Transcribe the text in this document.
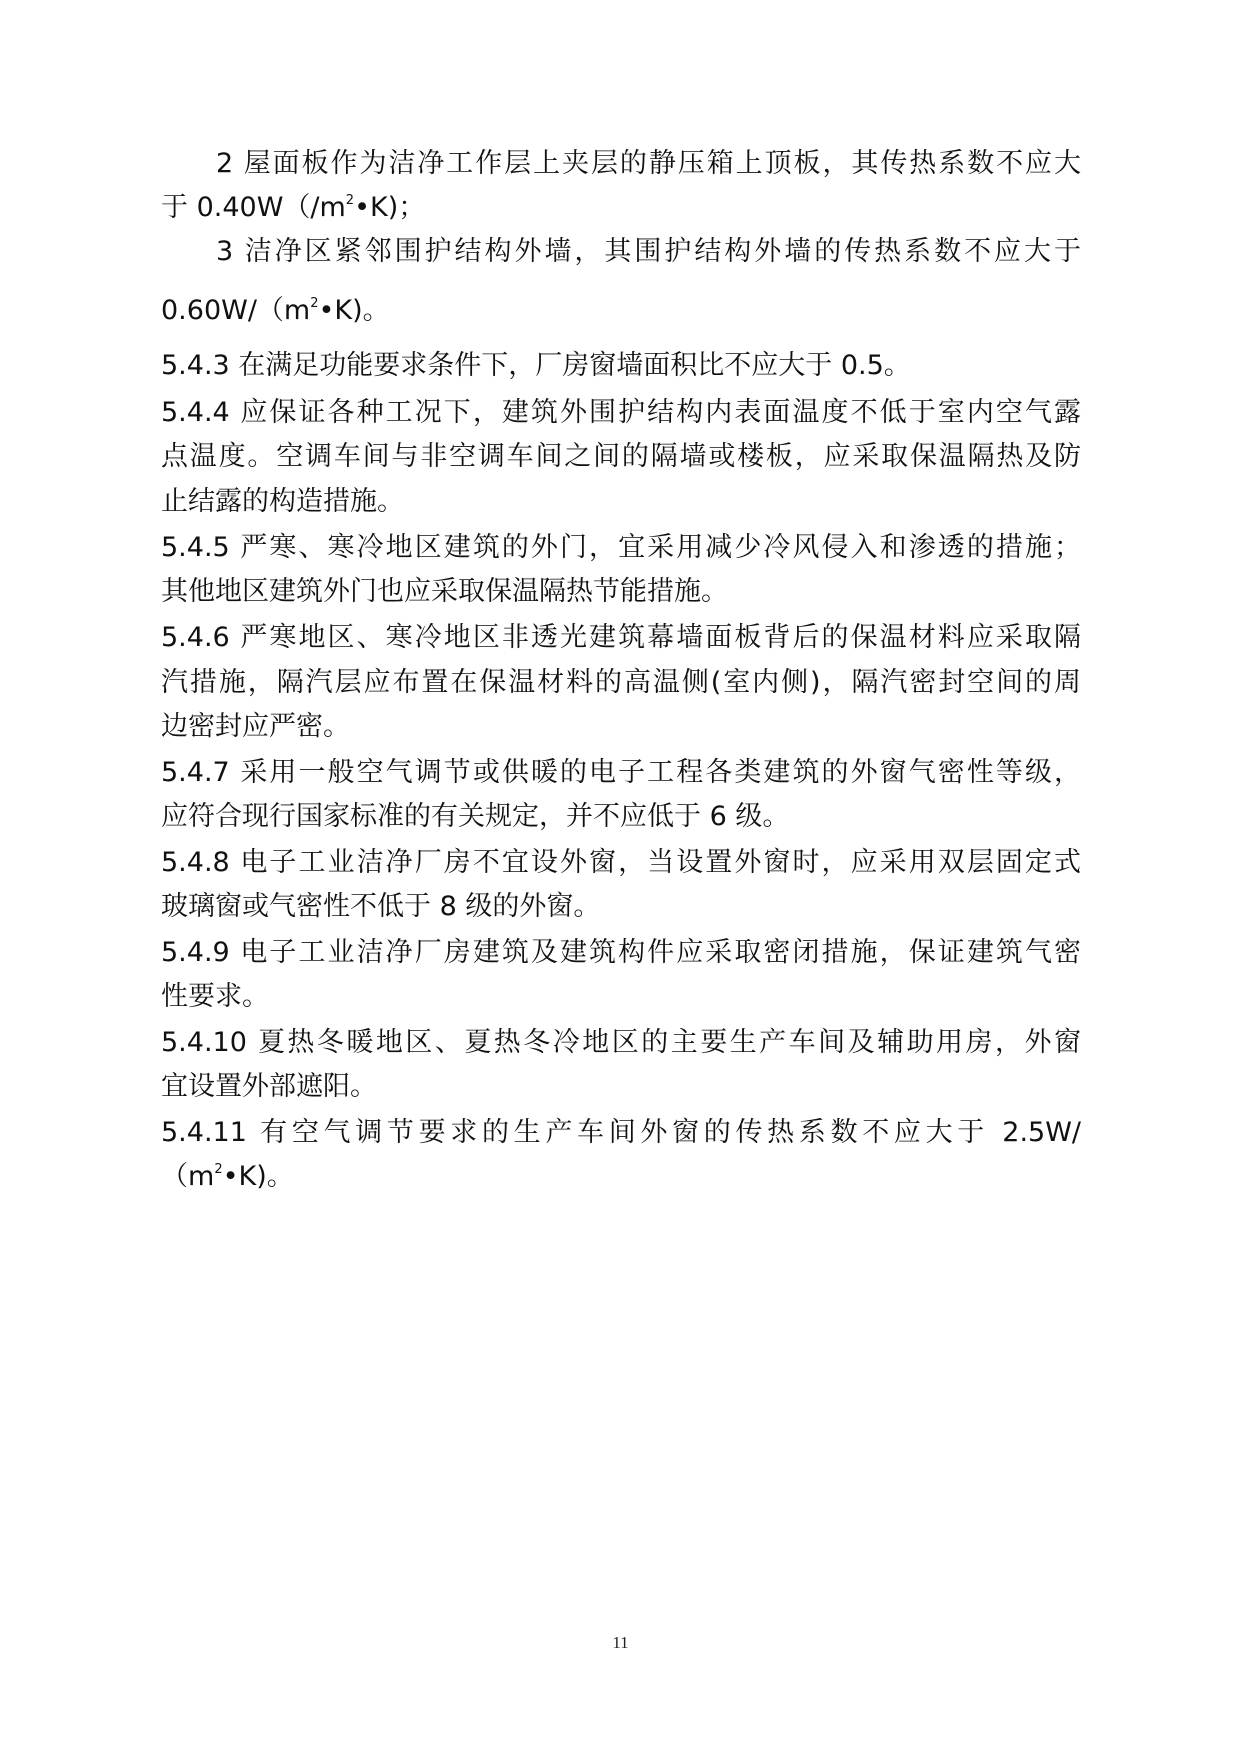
2 屋面板作为洁净工作层上夹层的静压箱上顶板，其传热系数不应大
于 $0.40W(/m^2•K)$；
3 洁净区紧邻围护结构外墙，其围护结构外墙的传热系数不应大于
$0.60W/(m^2•K)$。
5.4.3 在满足功能要求条件下，厂房窗墙面积比不应大于 0.5。
5.4.4 应保证各种工况下，建筑外围护结构内表面温度不低于室内空气露
点温度。空调车间与非空调车间之间的隔墙或楼板，应采取保温隔热及防
止结露的构造措施。
5.4.5 严寒、寒冷地区建筑的外门，宜采用减少冷风侵入和渗透的措施；
其他地区建筑外门也应采取保温隔热节能措施。
5.4.6 严寒地区、寒冷地区非透光建筑幕墙面板背后的保温材料应采取隔
汽措施，隔汽层应布置在保温材料的高温侧(室内侧)，隔汽密封空间的周
边密封应严密。
5.4.7 采用一般空气调节或供暖的电子工程各类建筑的外窗气密性等级，
应符合现行国家标准的有关规定，并不应低于 6 级。
5.4.8 电子工业洁净厂房不宜设外窗，当设置外窗时，应采用双层固定式
玻璃窗或气密性不低于 8 级的外窗。
5.4.9 电子工业洁净厂房建筑及建筑构件应采取密闭措施，保证建筑气密
性要求。
5.4.10 夏热冬暖地区、夏热冬冷地区的主要生产车间及辅助用房，外窗
宜设置外部遮阳。
5.4.11 有空气调节要求的生产车间外窗的传热系数不应大于 2.5W/
$(m^2•K)$。
11
